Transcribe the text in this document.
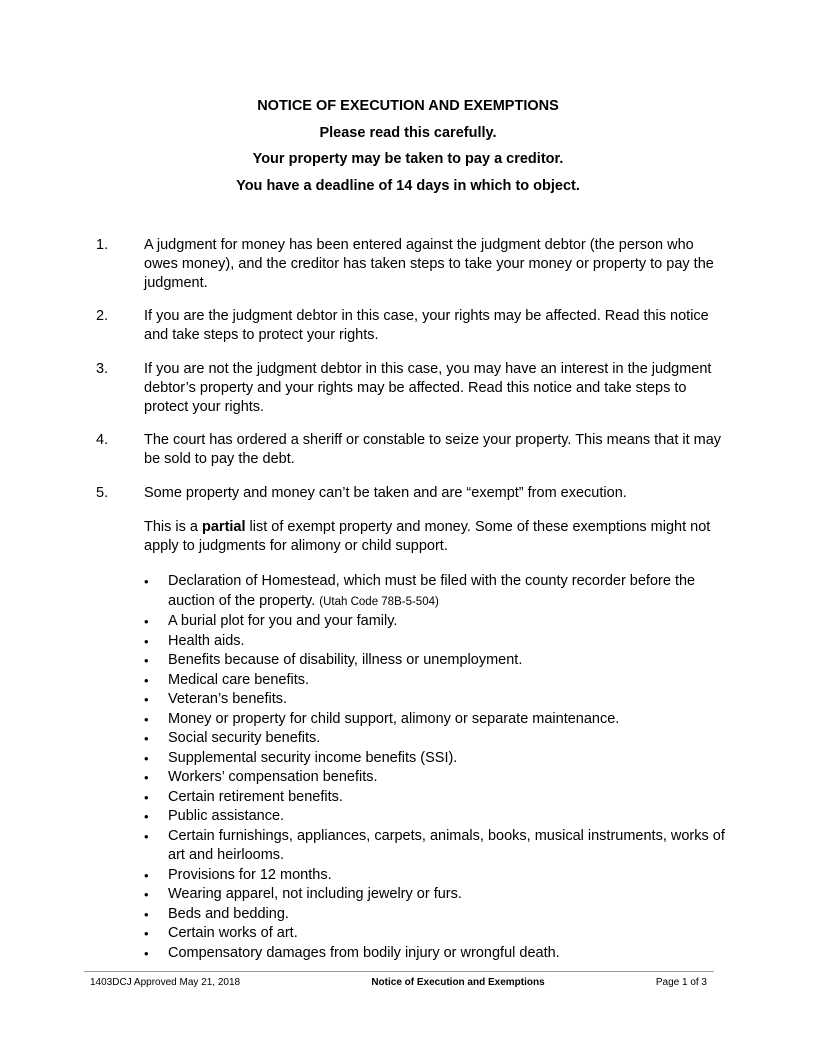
NOTICE OF EXECUTION AND EXEMPTIONS
Please read this carefully.
Your property may be taken to pay a creditor.
You have a deadline of 14 days in which to object.
1.	A judgment for money has been entered against the judgment debtor (the person who owes money), and the creditor has taken steps to take your money or property to pay the judgment.
2.	If you are the judgment debtor in this case, your rights may be affected. Read this notice and take steps to protect your rights.
3.	If you are not the judgment debtor in this case, you may have an interest in the judgment debtor’s property and your rights may be affected. Read this notice and take steps to protect your rights.
4.	The court has ordered a sheriff or constable to seize your property. This means that it may be sold to pay the debt.
5.	Some property and money can’t be taken and are “exempt” from execution.
This is a partial list of exempt property and money. Some of these exemptions might not apply to judgments for alimony or child support.
• Declaration of Homestead, which must be filed with the county recorder before the auction of the property. (Utah Code 78B-5-504)
• A burial plot for you and your family.
• Health aids.
• Benefits because of disability, illness or unemployment.
• Medical care benefits.
• Veteran’s benefits.
• Money or property for child support, alimony or separate maintenance.
• Social security benefits.
• Supplemental security income benefits (SSI).
• Workers’ compensation benefits.
• Certain retirement benefits.
• Public assistance.
• Certain furnishings, appliances, carpets, animals, books, musical instruments, works of art and heirlooms.
• Provisions for 12 months.
• Wearing apparel, not including jewelry or furs.
• Beds and bedding.
• Certain works of art.
• Compensatory damages from bodily injury or wrongful death.
1403DCJ Approved May 21, 2018	Notice of Execution and Exemptions	Page 1 of 3
